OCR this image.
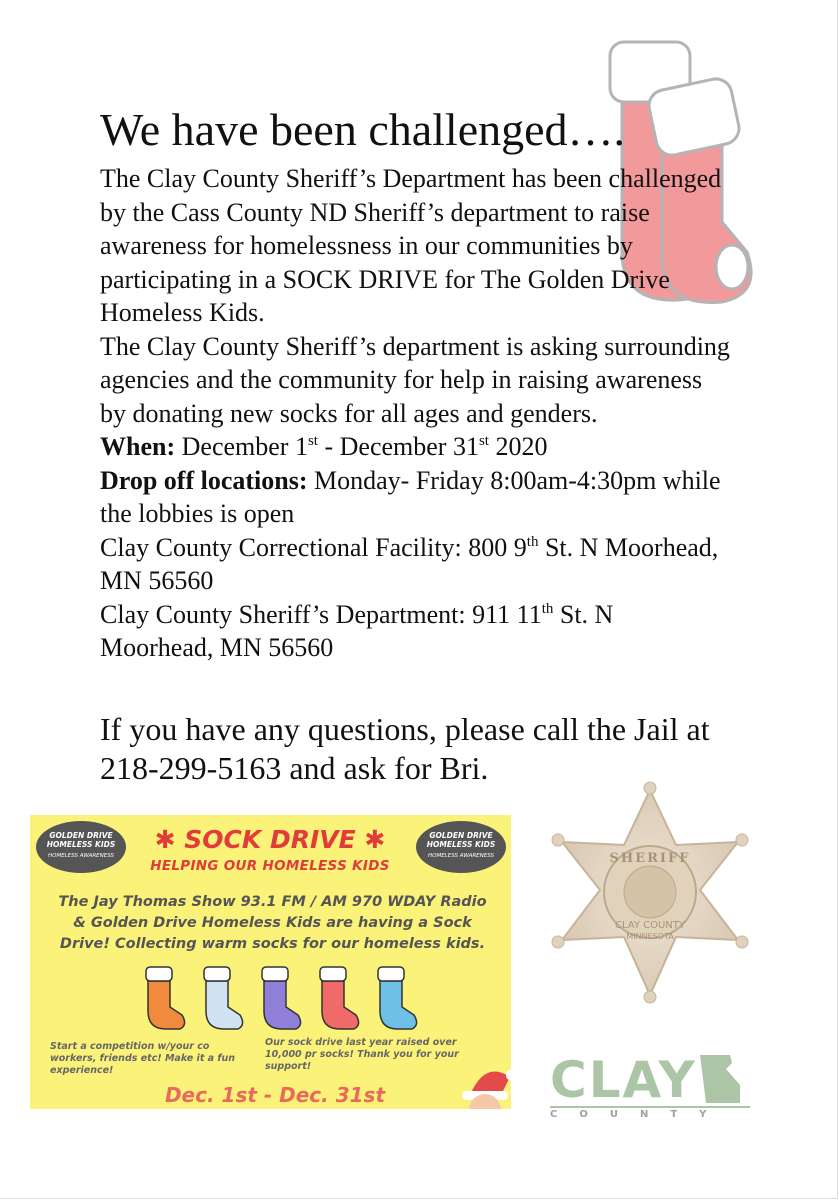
We have been challenged….

The Clay County Sheriff’s Department has been challenged by the Cass County ND Sheriff’s department to raise awareness for homelessness in our communities by participating in a SOCK DRIVE for The Golden Drive Homeless Kids.

The Clay County Sheriff’s department is asking surrounding agencies and the community for help in raising awareness by donating new socks for all ages and genders.

When: December 1st - December 31st 2020

Drop off locations: Monday- Friday 8:00am-4:30pm while the lobbies is open

Clay County Correctional Facility: 800 9th St. N Moorhead, MN 56560

Clay County Sheriff’s Department: 911 11th St. N Moorhead, MN 56560

If you have any questions, please call the Jail at 218-299-5163 and ask for Bri.
GOLDEN DRIVE
HOMELESS KIDS
HOMELESS AWARENESS
GOLDEN DRIVE
HOMELESS KIDS
HOMELESS AWARENESS
✱ SOCK DRIVE ✱
HELPING OUR HOMELESS KIDS
The Jay Thomas Show 93.1 FM / AM 970 WDAY Radio & Golden Drive Homeless Kids are having a Sock Drive! Collecting warm socks for our homeless kids.
Start a competition w/your co workers, friends etc! Make it a fun experience!
Our sock drive last year raised over 10,000 pr socks! Thank you for your support!
Dec. 1st - Dec. 31st
SHERIFF
CLAY COUNTY
MINNESOTA
CLAY
COUNTY
